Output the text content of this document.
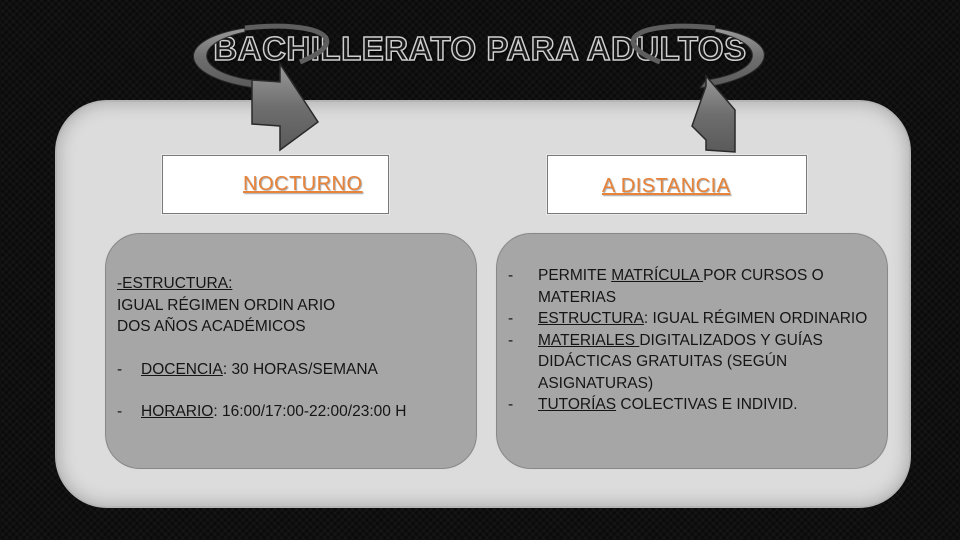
BACHILLERATO PARA ADULTOS
NOCTURNO	A DISTANCIA

-ESTRUCTURA:

IGUAL RÉGIMEN ORDIN ARIO

DOS AÑOS ACADÉMICOS

- DOCENCIA: 30 HORAS/SEMANA

- HORARIO: 16:00/17:00-22:00/23:00 H

-	PERMITE MATRÍCULA POR CURSOS O MATERIAS
-	ESTRUCTURA: IGUAL RÉGIMEN ORDINARIO
-	MATERIALES DIGITALIZADOS Y GUÍAS DIDÁCTICAS GRATUITAS (SEGÚN ASIGNATURAS)
-	TUTORÍAS COLECTIVAS E INDIVID.
